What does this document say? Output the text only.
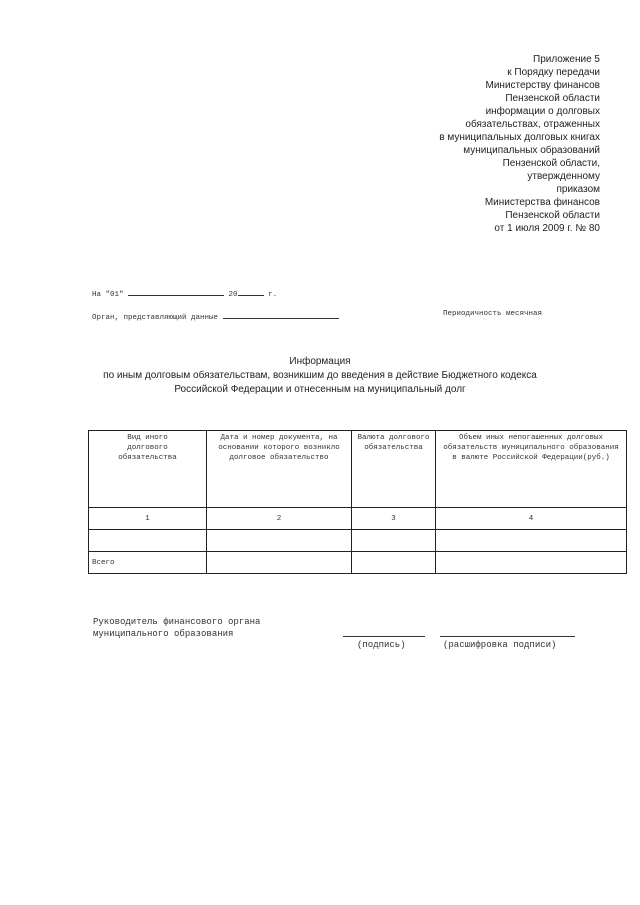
Приложение 5
к Порядку передачи
Министерству финансов
Пензенской области
информации о долговых
обязательствах, отраженных
в муниципальных долговых книгах
муниципальных образований
Пензенской области,
утвержденному
приказом
Министерства финансов
Пензенской области
от 1 июля 2009 г. № 80
На "01"	20	г.
Орган, представляющий данные	Периодичность месячная
Информация
по иным долговым обязательствам, возникшим до введения в действие Бюджетного кодекса
Российской Федерации и отнесенным на муниципальный долг
Вид иного долгового обязательства	Дата и номер документа, на основании которого возникло долговое обязательство	Валюта долгового обязательства	Объем иных непогашенных долговых обязательств муниципального образования в валюте Российской Федерации(руб.)
1	2	3	4

Всего			
Руководитель финансового органа
муниципального образования
(подпись)	(расшифровка подписи)
